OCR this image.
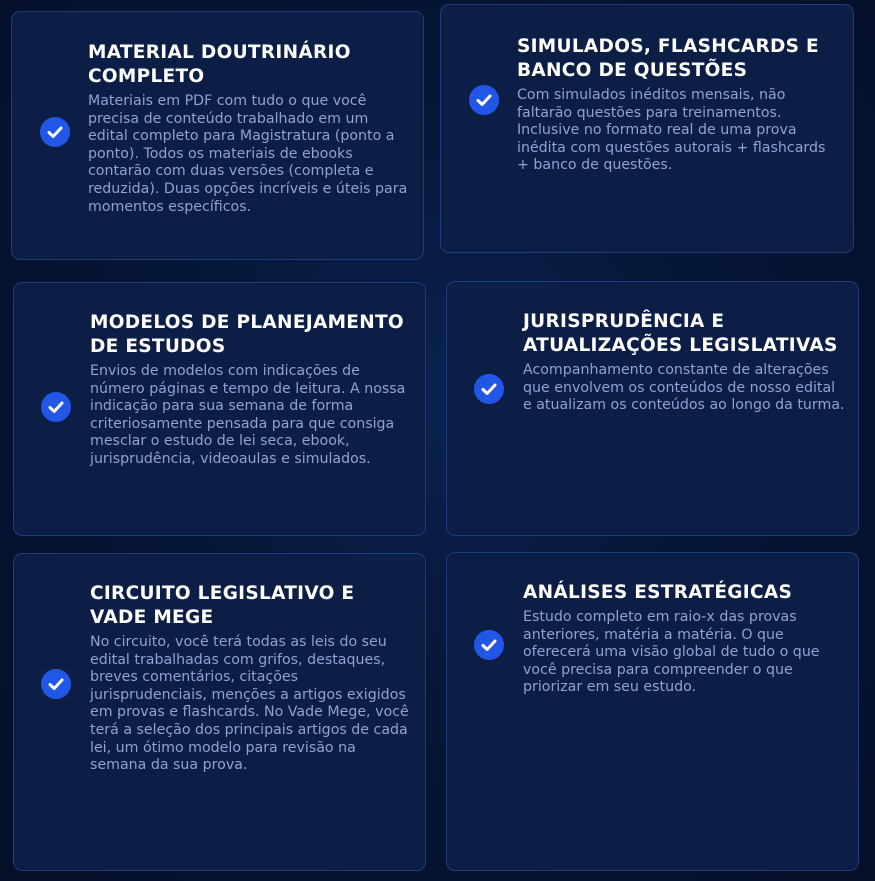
MATERIAL DOUTRINÁRIO COMPLETO

Materiais em PDF com tudo o que você precisa de conteúdo trabalhado em um edital completo para Magistratura (ponto a ponto). Todos os materiais de ebooks contarão com duas versões (completa e reduzida). Duas opções incríveis e úteis para momentos específicos.

SIMULADOS, FLASHCARDS E BANCO DE QUESTÕES

Com simulados inéditos mensais, não faltarão questões para treinamentos. Inclusive no formato real de uma prova inédita com questões autorais + flashcards + banco de questões.

MODELOS DE PLANEJAMENTO DE ESTUDOS

Envios de modelos com indicações de número páginas e tempo de leitura. A nossa indicação para sua semana de forma criteriosamente pensada para que consiga mesclar o estudo de lei seca, ebook, jurisprudência, videoaulas e simulados.

JURISPRUDÊNCIA E ATUALIZAÇÕES LEGISLATIVAS

Acompanhamento constante de alterações que envolvem os conteúdos de nosso edital e atualizam os conteúdos ao longo da turma.

CIRCUITO LEGISLATIVO E VADE MEGE

No circuito, você terá todas as leis do seu edital trabalhadas com grifos, destaques, breves comentários, citações jurisprudenciais, menções a artigos exigidos em provas e flashcards. No Vade Mege, você terá a seleção dos principais artigos de cada lei, um ótimo modelo para revisão na semana da sua prova.

ANÁLISES ESTRATÉGICAS

Estudo completo em raio-x das provas anteriores, matéria a matéria. O que oferecerá uma visão global de tudo o que você precisa para compreender o que priorizar em seu estudo.
